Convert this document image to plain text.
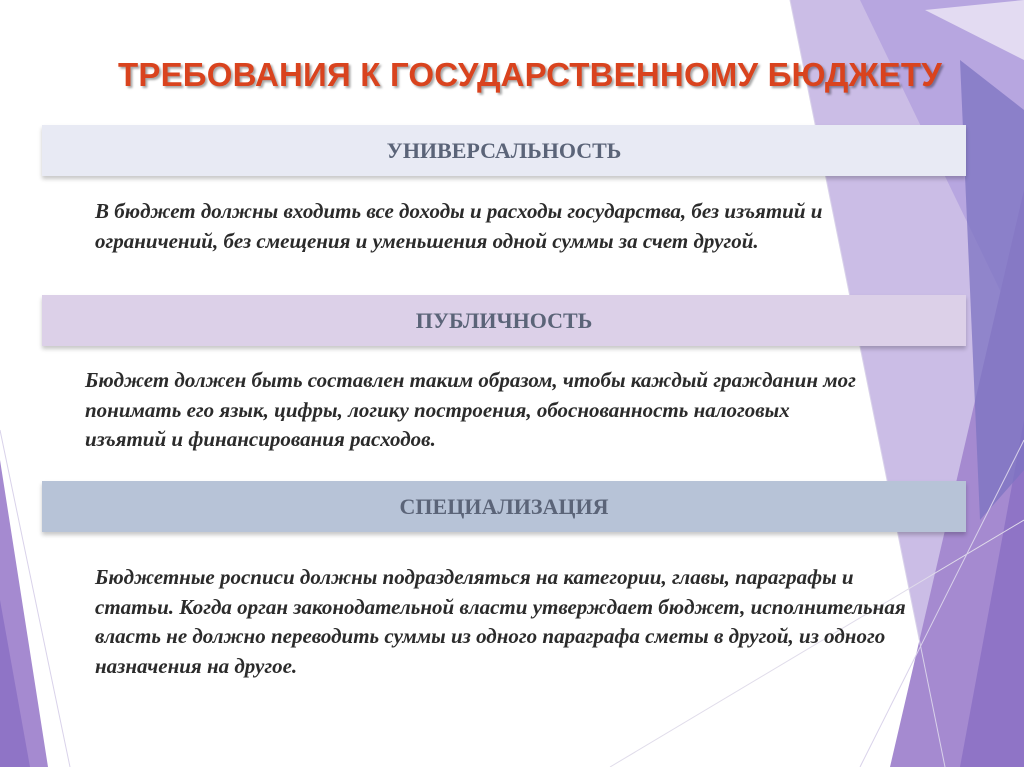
ТРЕБОВАНИЯ К ГОСУДАРСТВЕННОМУ БЮДЖЕТУ
УНИВЕРСАЛЬНОСТЬ
В бюджет должны входить все доходы и расходы государства, без изъятий и ограничений, без смещения и уменьшения одной суммы за счет другой.
ПУБЛИЧНОСТЬ
Бюджет должен быть составлен таким образом, чтобы каждый гражданин мог понимать его язык, цифры, логику построения, обоснованность налоговых изъятий и финансирования расходов.
СПЕЦИАЛИЗАЦИЯ
Бюджетные росписи должны подразделяться на категории, главы, параграфы и статьи. Когда орган законодательной власти утверждает бюджет, исполнительная власть не должно переводить суммы из одного параграфа сметы в другой, из одного назначения на другое.
